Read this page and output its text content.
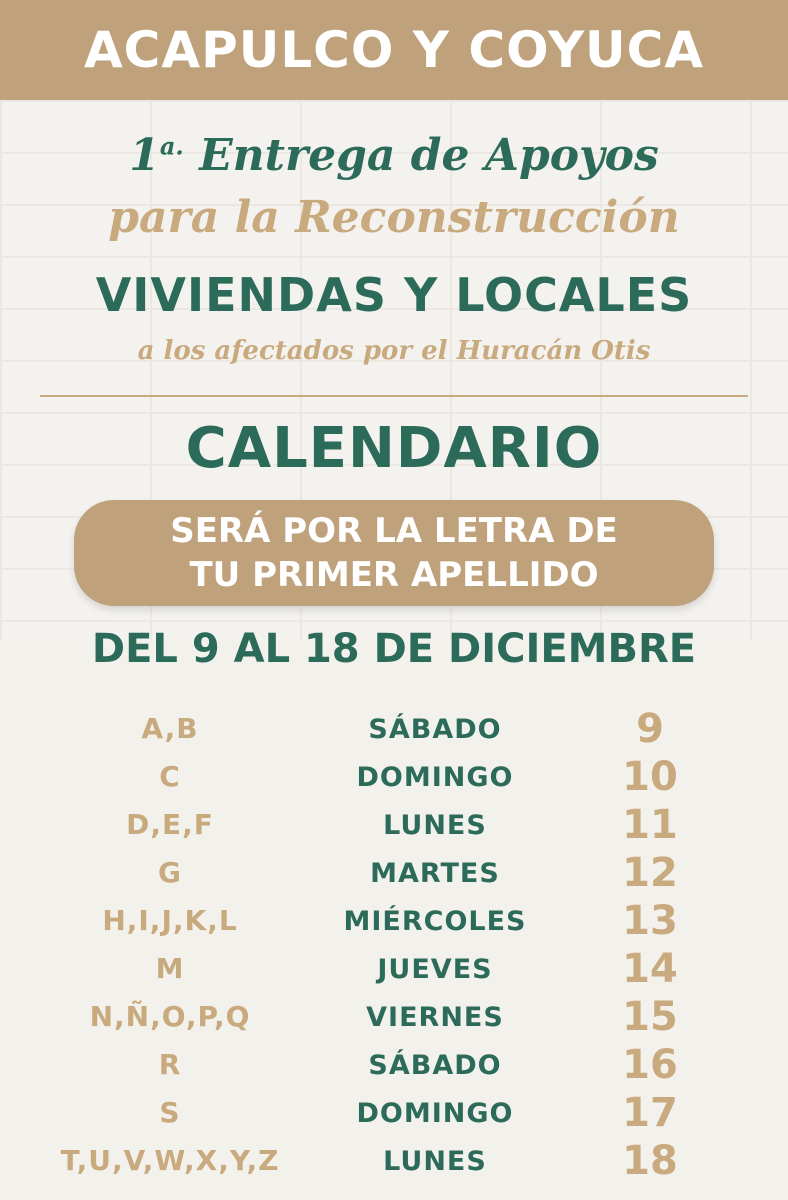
ACAPULCO Y COYUCA
$1^{a.}$ Entrega de Apoyos
para la Reconstrucción
VIVIENDAS Y LOCALES
a los afectados por el Huracán Otis
CALENDARIO
SERÁ POR LA LETRA DE
TU PRIMER APELLIDO
DEL 9 AL 18 DE DICIEMBRE
A,B	SÁBADO	9
C	DOMINGO	10
D,E,F	LUNES	11
G	MARTES	12
H,I,J,K,L	MIÉRCOLES	13
M	JUEVES	14
N,Ñ,O,P,Q	VIERNES	15
R	SÁBADO	16
S	DOMINGO	17
T,U,V,W,X,Y,Z	LUNES	18
